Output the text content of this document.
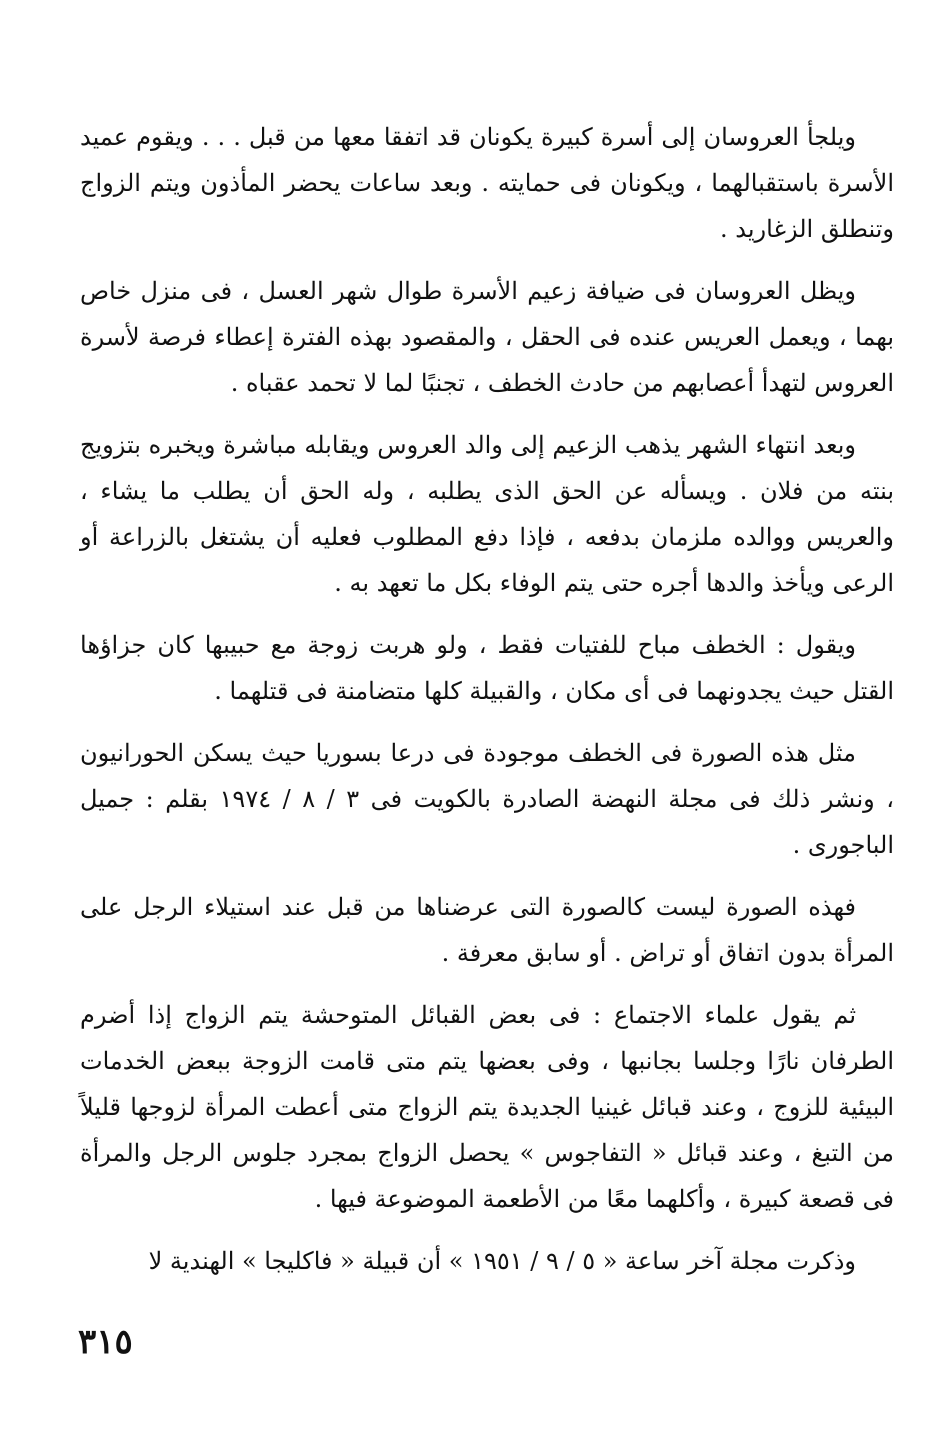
ويلجأ العروسان إلى أسرة كبيرة يكونان قد اتفقا معها من قبل . . . ويقوم عميد الأسرة باستقبالهما ، ويكونان فى حمايته . وبعد ساعات يحضر المأذون ويتم الزواج وتنطلق الزغاريد .

ويظل العروسان فى ضيافة زعيم الأسرة طوال شهر العسل ، فى منزل خاص بهما ، ويعمل العريس عنده فى الحقل ، والمقصود بهذه الفترة إعطاء فرصة لأسرة العروس لتهدأ أعصابهم من حادث الخطف ، تجنبًا لما لا تحمد عقباه .

وبعد انتهاء الشهر يذهب الزعيم إلى والد العروس ويقابله مباشرة ويخبره بتزويج بنته من فلان . ويسأله عن الحق الذى يطلبه ، وله الحق أن يطلب ما يشاء ، والعريس ووالده ملزمان بدفعه ، فإذا دفع المطلوب فعليه أن يشتغل بالزراعة أو الرعى ويأخذ والدها أجره حتى يتم الوفاء بكل ما تعهد به .

ويقول : الخطف مباح للفتيات فقط ، ولو هربت زوجة مع حبيبها كان جزاؤها القتل حيث يجدونهما فى أى مكان ، والقبيلة كلها متضامنة فى قتلهما .

مثل هذه الصورة فى الخطف موجودة فى درعا بسوريا حيث يسكن الحورانيون ، ونشر ذلك فى مجلة النهضة الصادرة بالكويت فى ٣ / ٨ / ١٩٧٤ بقلم : جميل الباجورى .

فهذه الصورة ليست كالصورة التى عرضناها من قبل عند استيلاء الرجل على المرأة بدون اتفاق أو تراض . أو سابق معرفة .

ثم يقول علماء الاجتماع : فى بعض القبائل المتوحشة يتم الزواج إذا أضرم الطرفان نارًا وجلسا بجانبها ، وفى بعضها يتم متى قامت الزوجة ببعض الخدمات البيئية للزوج ، وعند قبائل غينيا الجديدة يتم الزواج متى أعطت المرأة لزوجها قليلاً من التبغ ، وعند قبائل « التفاجوس » يحصل الزواج بمجرد جلوس الرجل والمرأة فى قصعة كبيرة ، وأكلهما معًا من الأطعمة الموضوعة فيها .

وذكرت مجلة آخر ساعة « ٥ / ٩ / ١٩٥١ » أن قبيلة « فاكليجا » الهندية لا

٣١٥
